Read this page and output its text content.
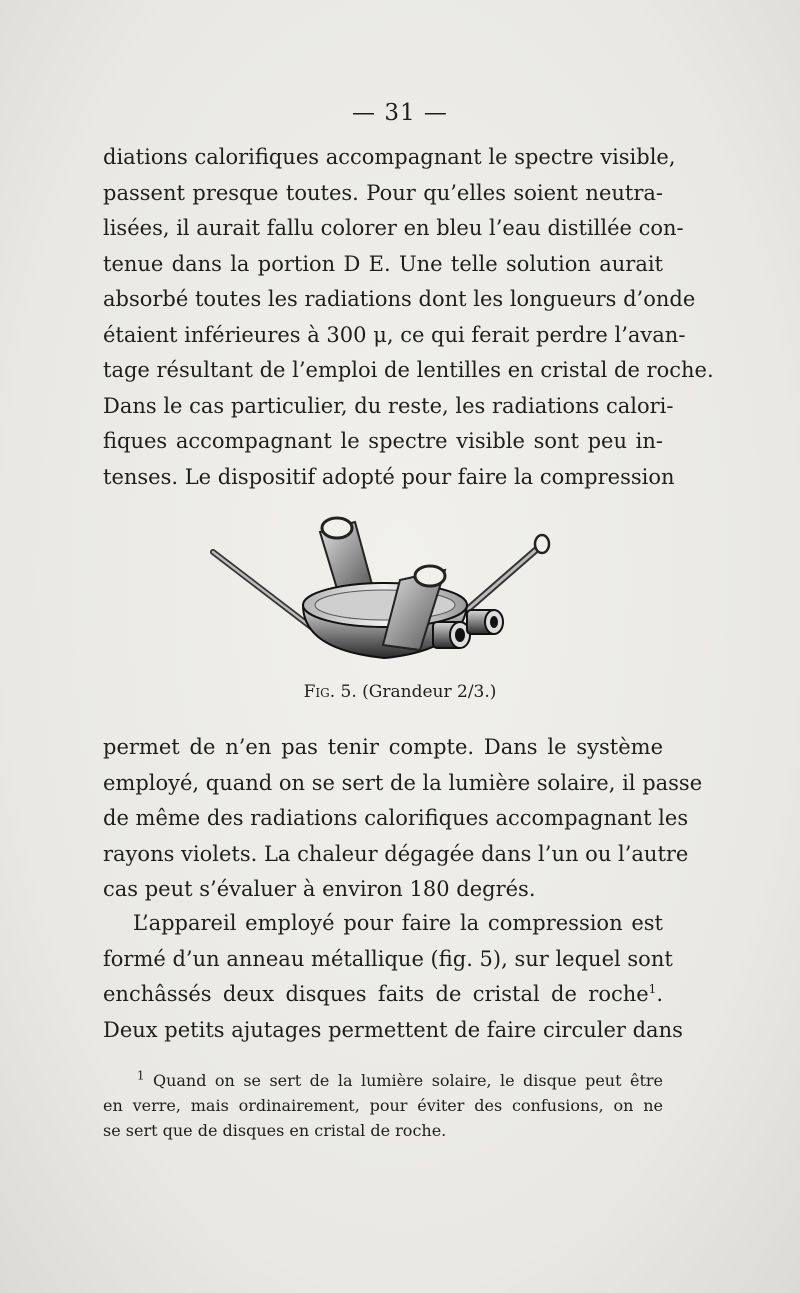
— 31 —
diations calorifiques accompagnant le spectre visible,
passent presque toutes. Pour qu’elles soient neutra-
lisées, il aurait fallu colorer en bleu l’eau distillée con-
tenue dans la portion D E. Une telle solution aurait
absorbé toutes les radiations dont les longueurs d’onde
étaient inférieures à 300 μ, ce qui ferait perdre l’avan-
tage résultant de l’emploi de lentilles en cristal de roche.
Dans le cas particulier, du reste, les radiations calori-
fiques accompagnant le spectre visible sont peu in-
tenses. Le dispositif adopté pour faire la compression
Fig. 5. (Grandeur 2/3.)
permet de n’en pas tenir compte. Dans le système
employé, quand on se sert de la lumière solaire, il passe
de même des radiations calorifiques accompagnant les
rayons violets. La chaleur dégagée dans l’un ou l’autre
cas peut s’évaluer à environ 180 degrés.
L’appareil employé pour faire la compression est
formé d’un anneau métallique (fig. 5), sur lequel sont
enchâssés deux disques faits de cristal de roche$^1$.
Deux petits ajutages permettent de faire circuler dans
$^1$ Quand on se sert de la lumière solaire, le disque peut être
en verre, mais ordinairement, pour éviter des confusions, on ne
se sert que de disques en cristal de roche.
